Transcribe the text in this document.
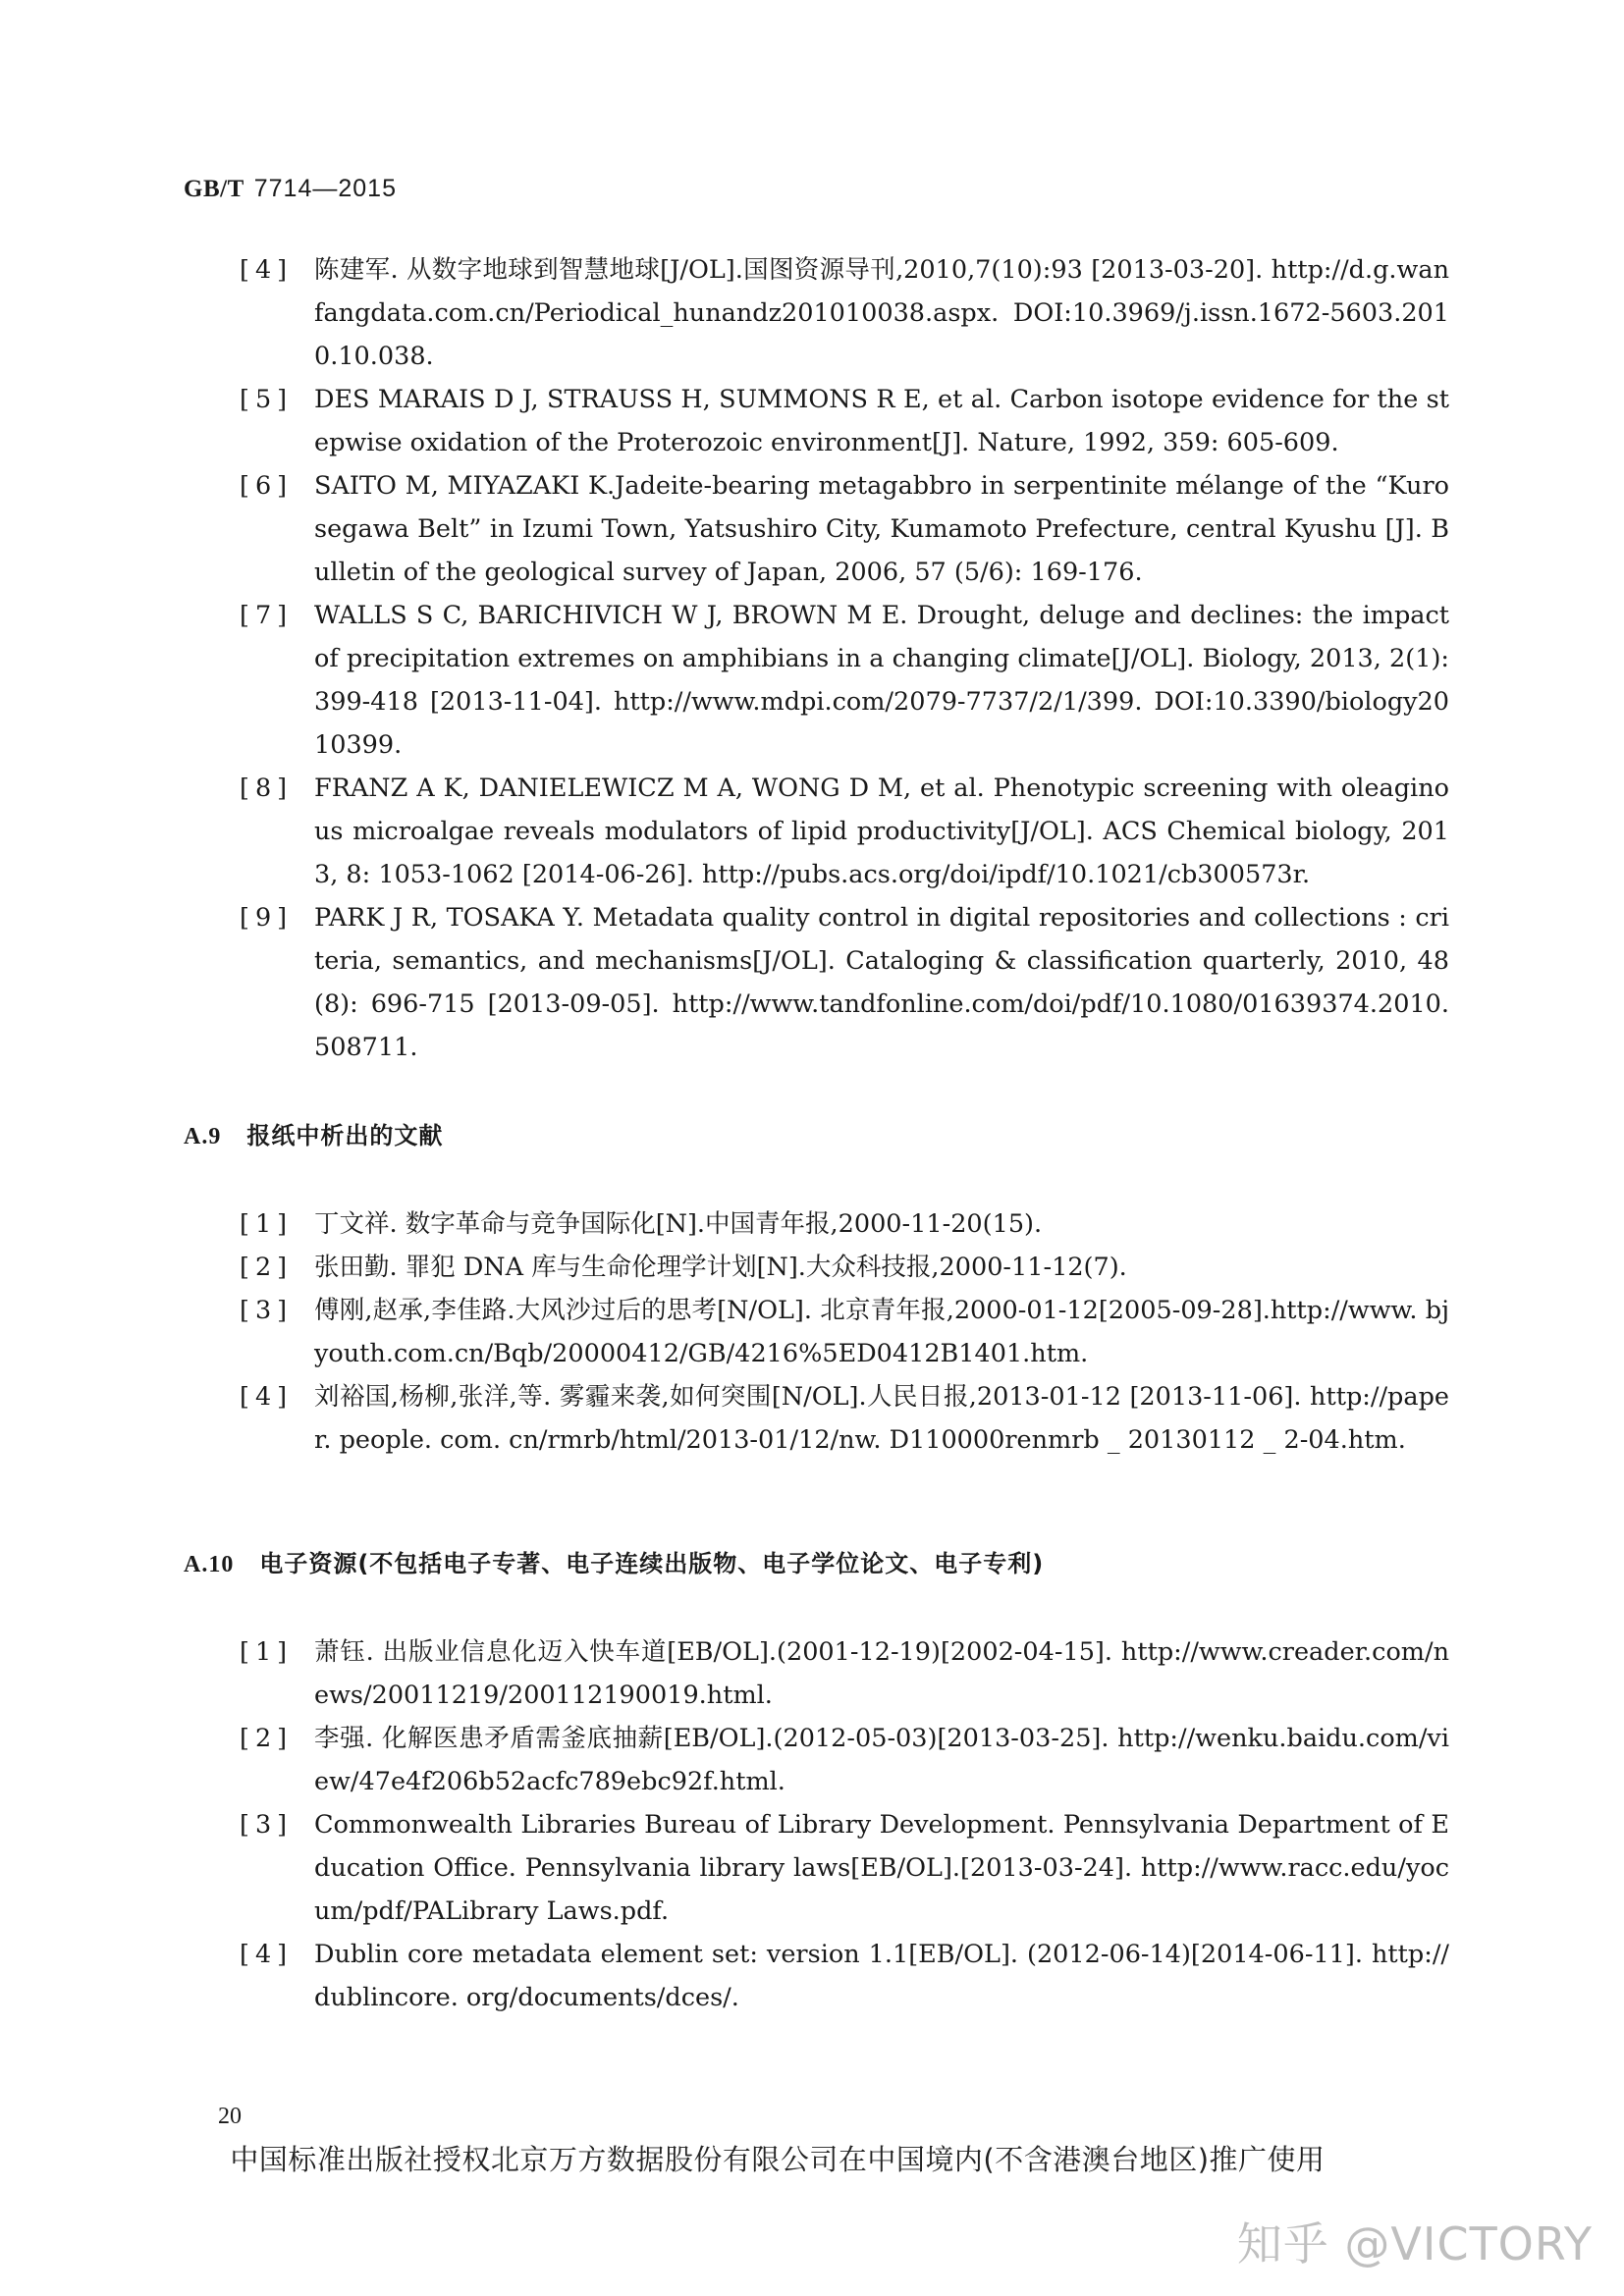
GB/T 7714—2015
[4] 陈建军. 从数字地球到智慧地球[J/OL].国图资源导刊,2010,7(10):93 [2013-03-20]. http://d.g.wanfangdata.com.cn/Periodical_hunandz201010038.aspx. DOI:10.3969/j.issn.1672-5603.2010.10.038.
[5] DES MARAIS D J, STRAUSS H, SUMMONS R E, et al. Carbon isotope evidence for the stepwise oxidation of the Proterozoic environment[J]. Nature, 1992, 359: 605-609.
[6] SAITO M, MIYAZAKI K.Jadeite-bearing metagabbro in serpentinite mélange of the “Kurosegawa Belt” in Izumi Town, Yatsushiro City, Kumamoto Prefecture, central Kyushu [J]. Bulletin of the geological survey of Japan, 2006, 57 (5/6): 169-176.
[7] WALLS S C, BARICHIVICH W J, BROWN M E. Drought, deluge and declines: the impact of precipitation extremes on amphibians in a changing climate[J/OL]. Biology, 2013, 2(1): 399-418 [2013-11-04]. http://www.mdpi.com/2079-7737/2/1/399. DOI:10.3390/biology2010399.
[8] FRANZ A K, DANIELEWICZ M A, WONG D M, et al. Phenotypic screening with oleaginous microalgae reveals modulators of lipid productivity[J/OL]. ACS Chemical biology, 2013, 8: 1053-1062 [2014-06-26]. http://pubs.acs.org/doi/ipdf/10.1021/cb300573r.
[9] PARK J R, TOSAKA Y. Metadata quality control in digital repositories and collections : criteria, semantics, and mechanisms[J/OL]. Cataloging & classification quarterly, 2010, 48(8): 696-715 [2013-09-05]. http://www.tandfonline.com/doi/pdf/10.1080/01639374.2010.508711.
A.9 报纸中析出的文献
[1] 丁文祥. 数字革命与竞争国际化[N].中国青年报,2000-11-20(15).
[2] 张田勤. 罪犯 DNA 库与生命伦理学计划[N].大众科技报,2000-11-12(7).
[3] 傅刚,赵承,李佳路.大风沙过后的思考[N/OL]. 北京青年报,2000-01-12[2005-09-28].http://www. bjyouth.com.cn/Bqb/20000412/GB/4216%5ED0412B1401.htm.
[4] 刘裕国,杨柳,张洋,等. 雾霾来袭,如何突围[N/OL].人民日报,2013-01-12 [2013-11-06]. http://paper. people. com. cn/rmrb/html/2013-01/12/nw. D110000renmrb _ 20130112 _ 2-04.htm.
A.10 电子资源(不包括电子专著、电子连续出版物、电子学位论文、电子专利)
[1] 萧钰. 出版业信息化迈入快车道[EB/OL].(2001-12-19)[2002-04-15]. http://www.creader.com/news/20011219/200112190019.html.
[2] 李强. 化解医患矛盾需釜底抽薪[EB/OL].(2012-05-03)[2013-03-25]. http://wenku.baidu.com/view/47e4f206b52acfc789ebc92f.html.
[3] Commonwealth Libraries Bureau of Library Development. Pennsylvania Department of Education Office. Pennsylvania library laws[EB/OL].[2013-03-24]. http://www.racc.edu/yocum/pdf/PALibrary Laws.pdf.
[4] Dublin core metadata element set: version 1.1[EB/OL]. (2012-06-14)[2014-06-11]. http://dublincore. org/documents/dces/.
20
中国标准出版社授权北京万方数据股份有限公司在中国境内(不含港澳台地区)推广使用
知乎 @VICTORY
